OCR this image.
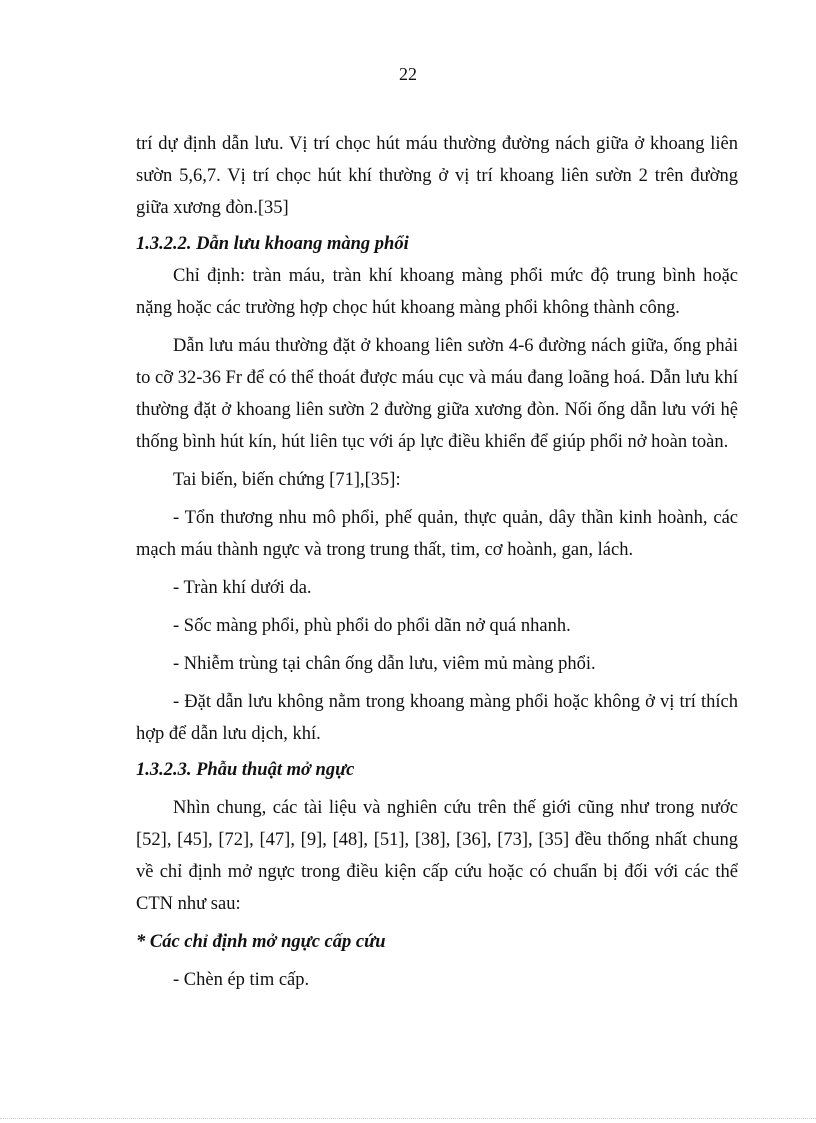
22

trí dự định dẫn lưu. Vị trí chọc hút máu thường đường nách giữa ở khoang liên sườn 5,6,7. Vị trí chọc hút khí thường ở vị trí khoang liên sườn 2 trên đường giữa xương đòn.[35]

1.3.2.2. Dẫn lưu khoang màng phổi

Chỉ định: tràn máu, tràn khí khoang màng phổi mức độ trung bình hoặc nặng hoặc các trường hợp chọc hút khoang màng phổi không thành công.

Dẫn lưu máu thường đặt ở khoang liên sườn 4-6 đường nách giữa, ống phải to cỡ 32-36 Fr để có thể thoát được máu cục và máu đang loãng hoá. Dẫn lưu khí thường đặt ở khoang liên sườn 2 đường giữa xương đòn. Nối ống dẫn lưu với hệ thống bình hút kín, hút liên tục với áp lực điều khiển để giúp phổi nở hoàn toàn.

Tai biến, biến chứng [71],[35]:

- Tổn thương nhu mô phổi, phế quản, thực quản, dây thần kinh hoành, các mạch máu thành ngực và trong trung thất, tim, cơ hoành, gan, lách.

- Tràn khí dưới da.

- Sốc màng phổi, phù phổi do phổi dãn nở quá nhanh.

- Nhiễm trùng tại chân ống dẫn lưu, viêm mủ màng phổi.

- Đặt dẫn lưu không nằm trong khoang màng phổi hoặc không ở vị trí thích hợp để dẫn lưu dịch, khí.

1.3.2.3. Phẫu thuật mở ngực

Nhìn chung, các tài liệu và nghiên cứu trên thế giới cũng như trong nước [52], [45], [72], [47], [9], [48], [51], [38], [36], [73], [35] đều thống nhất chung về chỉ định mở ngực trong điều kiện cấp cứu hoặc có chuẩn bị đối với các thể CTN như sau:

* Các chỉ định mở ngực cấp cứu

- Chèn ép tim cấp.
